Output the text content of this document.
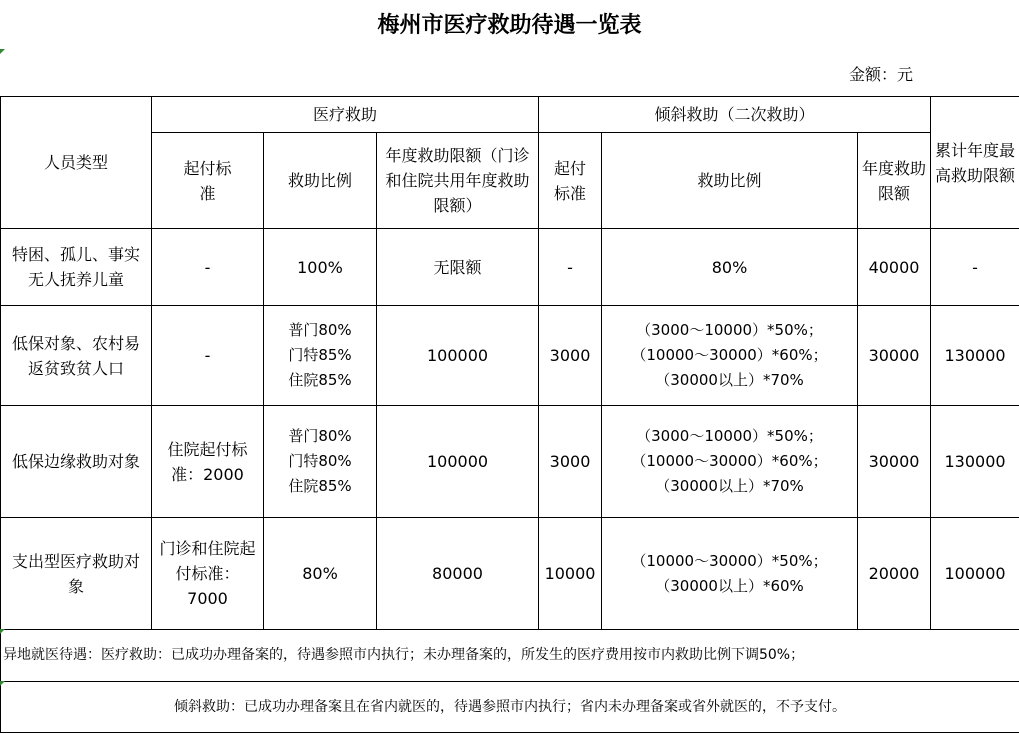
梅州市医疗救助待遇一览表
金额：元
人员类型	医疗救助			倾斜救助（二次救助）			累计年度最高救助限额
	起付标准	救助比例	年度救助限额（门诊和住院共用年度救助限额）	起付标准	救助比例	年度救助限额	
特困、孤儿、事实无人抚养儿童	-	100%	无限额	-	80%	40000	-
低保对象、农村易返贫致贫人口	-	普门80%
门特85%
住院85%	100000	3000	（3000～10000）*50%；
（10000～30000）*60%；
（30000以上）*70%	30000	130000
低保边缘救助对象	住院起付标准：2000	普门80%
门特80%
住院85%	100000	3000	（3000～10000）*50%；
（10000～30000）*60%；
（30000以上）*70%	30000	130000
支出型医疗救助对象	门诊和住院起付标准：7000	80%	80000	10000	（10000～30000）*50%；
（30000以上）*60%	20000	100000
异地就医待遇：医疗救助：已成功办理备案的，待遇参照市内执行；未办理备案的，所发生的医疗费用按市内救助比例下调50%；							
倾斜救助：已成功办理备案且在省内就医的，待遇参照市内执行；省内未办理备案或省外就医的，不予支付。							
